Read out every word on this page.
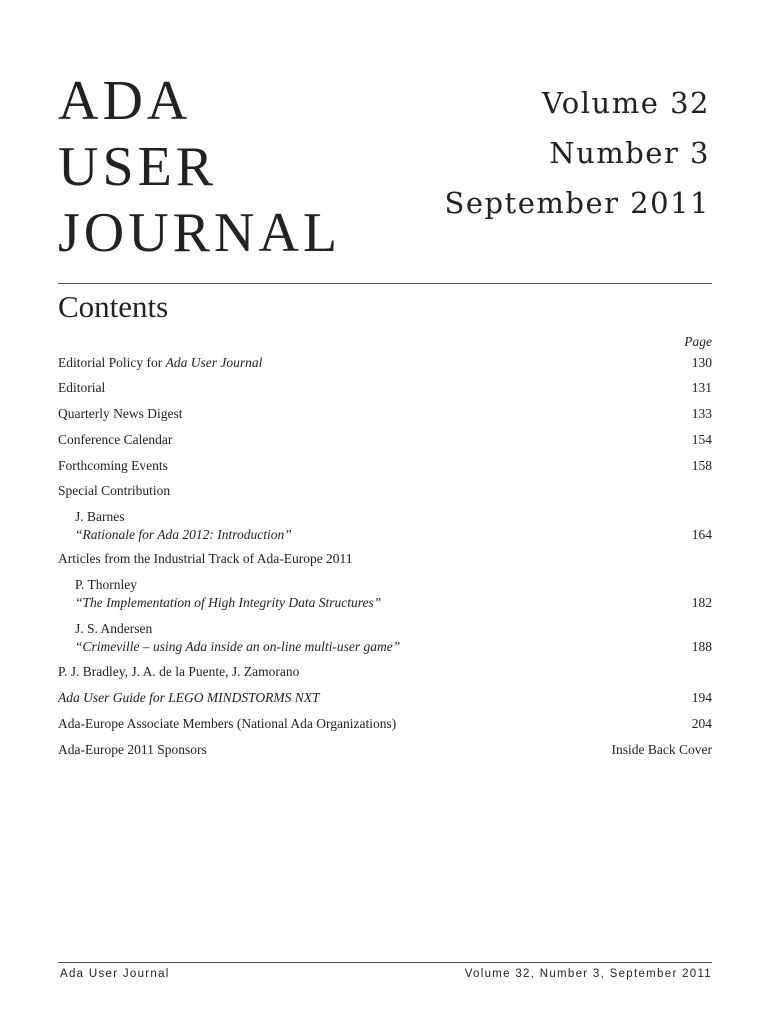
ADA
USER
JOURNAL
Volume 32
Number 3
September 2011
Contents
Page
Editorial Policy for Ada User Journal	130
Editorial	131
Quarterly News Digest	133
Conference Calendar	154
Forthcoming Events	158
Special Contribution
J. Barnes
“Rationale for Ada 2012: Introduction”	164
Articles from the Industrial Track of Ada-Europe 2011
P. Thornley
“The Implementation of High Integrity Data Structures”	182
J. S. Andersen
“Crimeville – using Ada inside an on-line multi-user game”	188
P. J. Bradley, J. A. de la Puente, J. Zamorano
Ada User Guide for LEGO MINDSTORMS NXT	194
Ada-Europe Associate Members (National Ada Organizations)	204
Ada-Europe 2011 Sponsors	Inside Back Cover
Ada User Journal	Volume 32, Number 3, September 2011
